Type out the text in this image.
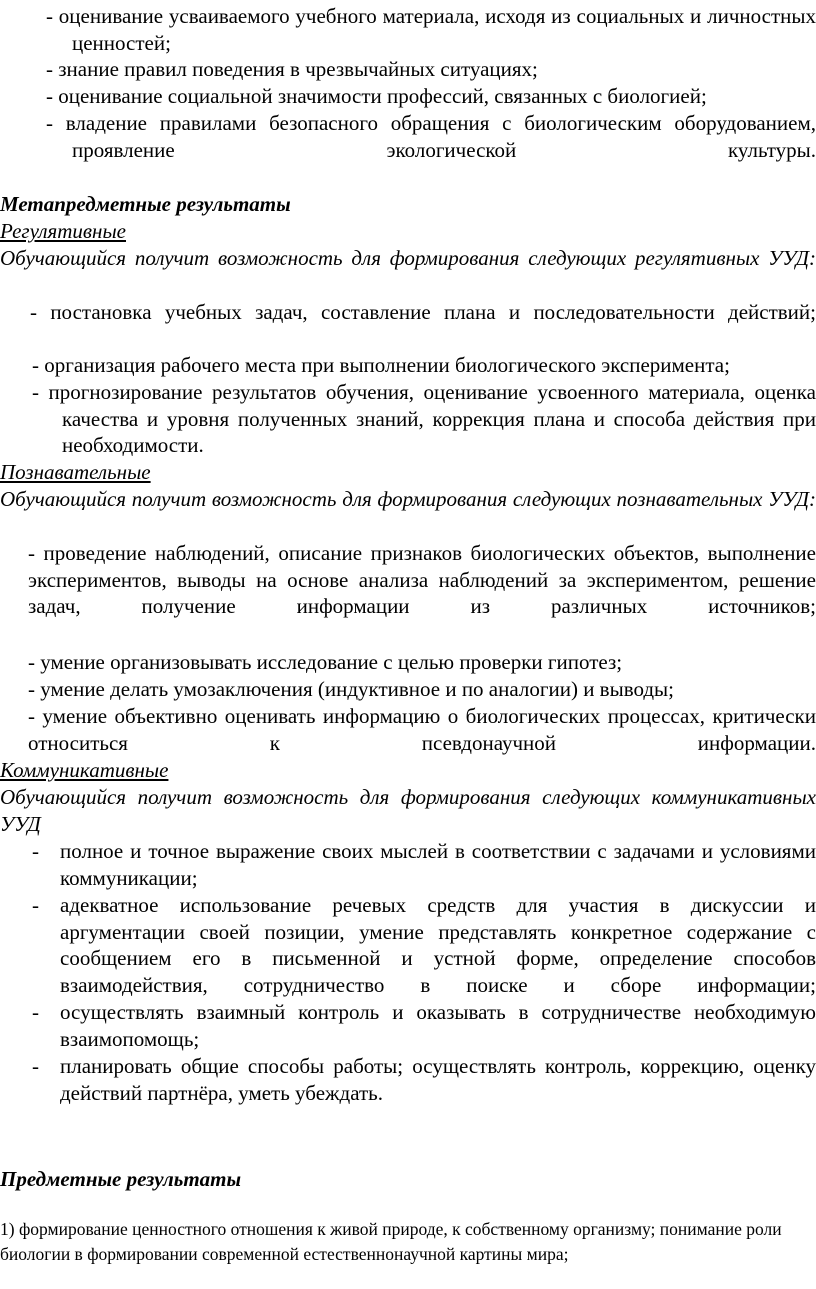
- оценивание усваиваемого учебного материала, исходя из социальных и личностных ценностей;

- знание правил поведения в чрезвычайных ситуациях;

- оценивание социальной значимости профессий, связанных с биологией;

- владение правилами безопасного обращения с биологическим оборудованием, проявление экологической культуры.

Метапредметные результаты

Регулятивные

Обучающийся получит возможность для формирования следующих регулятивных УУД:

- постановка учебных задач, составление плана и последовательности действий;

- организация рабочего места при выполнении биологического эксперимента;

- прогнозирование результатов обучения, оценивание усвоенного материала, оценка качества и уровня полученных знаний, коррекция плана и способа действия при необходимости.

Познавательные

Обучающийся получит возможность для формирования следующих познавательных УУД:

- проведение наблюдений, описание признаков биологических объектов, выполнение экспериментов, выводы на основе анализа наблюдений за экспериментом, решение задач, получение информации из различных источников;

- умение организовывать исследование с целью проверки гипотез;

- умение делать умозаключения (индуктивное и по аналогии) и выводы;

- умение объективно оценивать информацию о биологических процессах, критически относиться к псевдонаучной информации.

Коммуникативные

Обучающийся получит возможность для формирования следующих коммуникативных УУД

- полное и точное выражение своих мыслей в соответствии с задачами и условиями коммуникации;
- адекватное использование речевых средств для участия в дискуссии и аргументации своей позиции, умение представлять конкретное содержание с сообщением его в письменной и устной форме, определение способов взаимодействия, сотрудничество в поиске и сборе информации;
- осуществлять взаимный контроль и оказывать в сотрудничестве необходимую взаимопомощь;
- планировать общие способы работы; осуществлять контроль, коррекцию, оценку действий партнёра, уметь убеждать.

Предметные результаты

1) формирование ценностного отношения к живой природе, к собственному организму; понимание роли биологии в формировании современной естественнонаучной картины мира;
